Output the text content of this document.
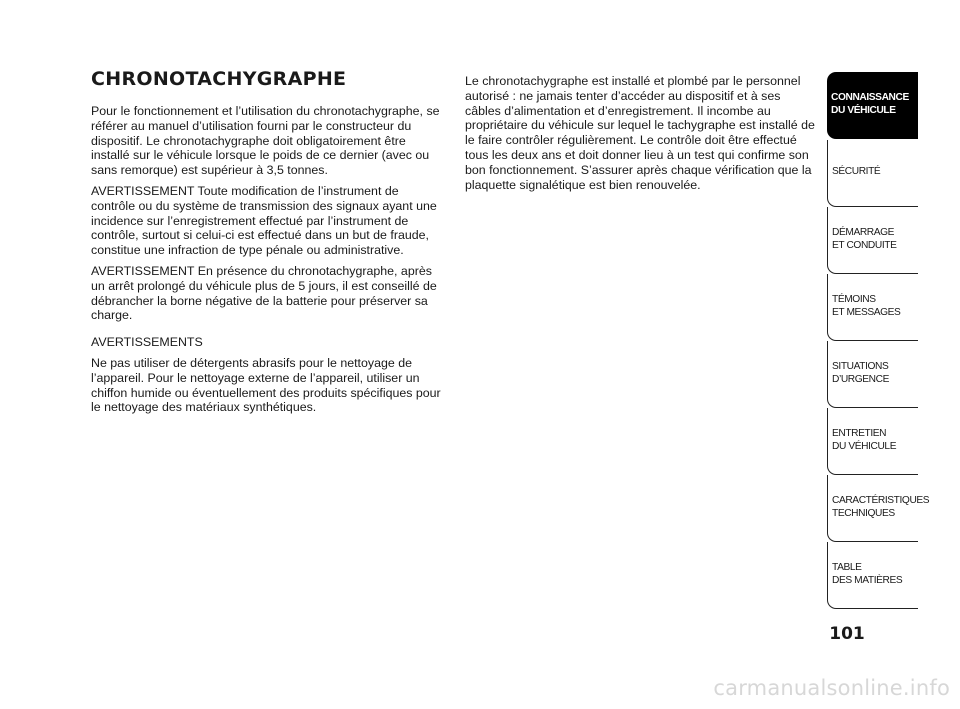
CHRONOTACHYGRAPHE

Pour le fonctionnement et l’utilisation du chronotachygraphe, se référer au manuel d’utilisation fourni par le constructeur du dispositif. Le chronotachygraphe doit obligatoirement être installé sur le véhicule lorsque le poids de ce dernier (avec ou sans remorque) est supérieur à 3,5 tonnes.

AVERTISSEMENT Toute modification de l’instrument de contrôle ou du système de transmission des signaux ayant une incidence sur l’enregistrement effectué par l’instrument de contrôle, surtout si celui-ci est effectué dans un but de fraude, constitue une infraction de type pénale ou administrative.

AVERTISSEMENT En présence du chronotachygraphe, après un arrêt prolongé du véhicule plus de 5 jours, il est conseillé de débrancher la borne négative de la batterie pour préserver sa charge.

AVERTISSEMENTS

Ne pas utiliser de détergents abrasifs pour le nettoyage de l’appareil. Pour le nettoyage externe de l’appareil, utiliser un chiffon humide ou éventuellement des produits spécifiques pour le nettoyage des matériaux synthétiques.

Le chronotachygraphe est installé et plombé par le personnel autorisé : ne jamais tenter d’accéder au dispositif et à ses câbles d’alimentation et d’enregistrement. Il incombe au propriétaire du véhicule sur lequel le tachygraphe est installé de le faire contrôler régulièrement. Le contrôle doit être effectué tous les deux ans et doit donner lieu à un test qui confirme son bon fonctionnement. S’assurer après chaque vérification que la plaquette signalétique est bien renouvelée.

CONNAISSANCE
DU VÉHICULE
SÉCURITÉ
DÉMARRAGE
ET CONDUITE
TÉMOINS
ET MESSAGES
SITUATIONS
D’URGENCE
ENTRETIEN
DU VÉHICULE
CARACTÉRISTIQUES
TECHNIQUES
TABLE
DES MATIÈRES
101
carmanualsonline.info
